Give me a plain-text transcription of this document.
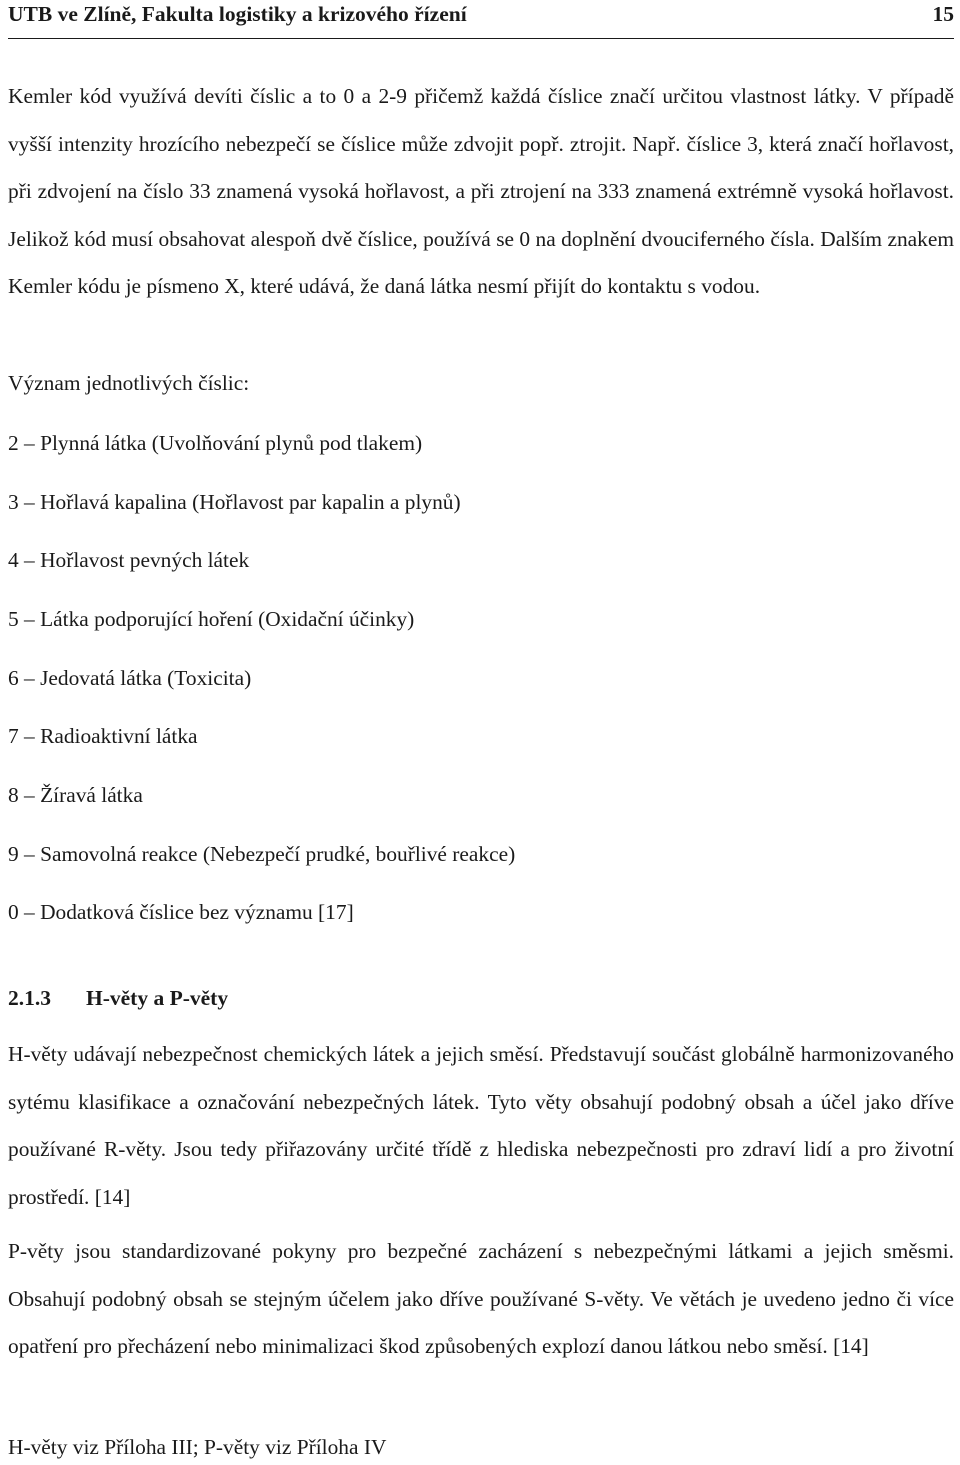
UTB ve Zlíně, Fakulta logistiky a krizového řízení	15

Kemler kód využívá devíti číslic a to 0 a 2-9 přičemž každá číslice značí určitou vlastnost látky. V případě vyšší intenzity hrozícího nebezpečí se číslice může zdvojit popř. ztrojit. Např. číslice 3, která značí hořlavost, při zdvojení na číslo 33 znamená vysoká hořlavost, a při ztrojení na 333 znamená extrémně vysoká hořlavost. Jelikož kód musí obsahovat alespoň dvě číslice, používá se 0 na doplnění dvouciferného čísla. Dalším znakem Kemler kódu je písmeno X, které udává, že daná látka nesmí přijít do kontaktu s vodou.

Význam jednotlivých číslic:

2 – Plynná látka (Uvolňování plynů pod tlakem)

3 – Hořlavá kapalina (Hořlavost par kapalin a plynů)

4 – Hořlavost pevných látek

5 – Látka podporující hoření (Oxidační účinky)

6 – Jedovatá látka (Toxicita)

7 – Radioaktivní látka

8 – Žíravá látka

9 – Samovolná reakce (Nebezpečí prudké, bouřlivé reakce)

0 – Dodatková číslice bez významu [17]

2.1.3 H-věty a P-věty

H-věty udávají nebezpečnost chemických látek a jejich směsí. Představují součást globálně harmonizovaného sytému klasifikace a označování nebezpečných látek. Tyto věty obsahují podobný obsah a účel jako dříve používané R-věty. Jsou tedy přiřazovány určité třídě z hlediska nebezpečnosti pro zdraví lidí a pro životní prostředí. [14]

P-věty jsou standardizované pokyny pro bezpečné zacházení s nebezpečnými látkami a jejich směsmi. Obsahují podobný obsah se stejným účelem jako dříve používané S-věty. Ve větách je uvedeno jedno či více opatření pro přecházení nebo minimalizaci škod způsobených explozí danou látkou nebo směsí. [14]

H-věty viz Příloha III; P-věty viz Příloha IV
